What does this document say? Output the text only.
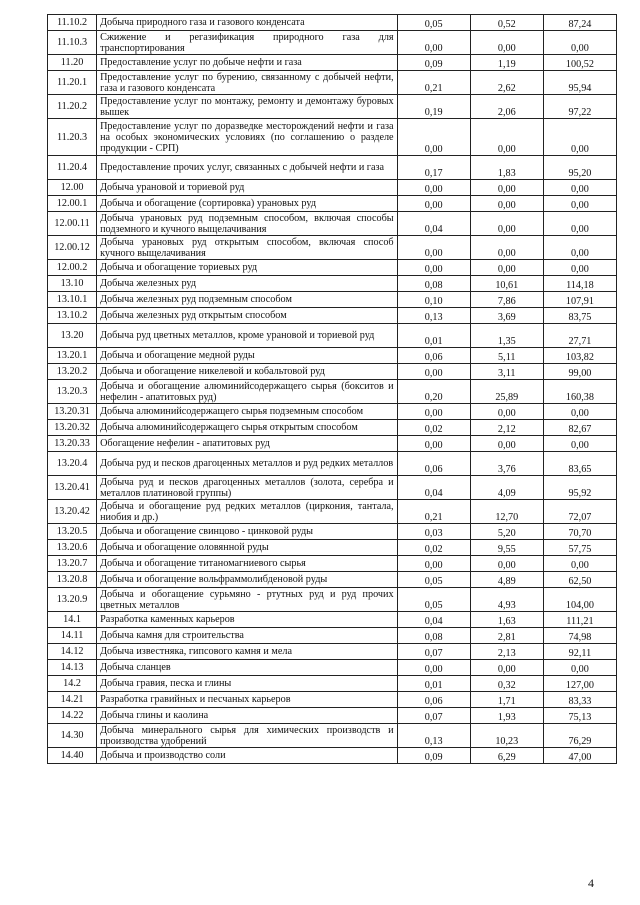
11.10.2	Добыча природного газа и газового конденсата	0,05	0,52	87,24
11.10.3	Сжижение и регазификация природного газа для транспортирования	0,00	0,00	0,00
11.20	Предоставление услуг по добыче нефти и газа	0,09	1,19	100,52
11.20.1	Предоставление услуг по бурению, связанному с добычей нефти, газа и газового конденсата	0,21	2,62	95,94
11.20.2	Предоставление услуг по монтажу, ремонту и демонтажу буровых вышек	0,19	2,06	97,22
11.20.3	Предоставление услуг по доразведке месторождений нефти и газа на особых экономических условиях (по соглашению о разделе продукции - СРП)	0,00	0,00	0,00
11.20.4	Предоставление прочих услуг, связанных с добычей нефти и газа	0,17	1,83	95,20
12.00	Добыча урановой и ториевой руд	0,00	0,00	0,00
12.00.1	Добыча и обогащение (сортировка) урановых руд	0,00	0,00	0,00
12.00.11	Добыча урановых руд подземным способом, включая способы подземного и кучного выщелачивания	0,04	0,00	0,00
12.00.12	Добыча урановых руд открытым способом, включая способ кучного выщелачивания	0,00	0,00	0,00
12.00.2	Добыча и обогащение ториевых руд	0,00	0,00	0,00
13.10	Добыча железных руд	0,08	10,61	114,18
13.10.1	Добыча железных руд подземным способом	0,10	7,86	107,91
13.10.2	Добыча железных руд открытым способом	0,13	3,69	83,75
13.20	Добыча руд цветных металлов, кроме урановой и ториевой руд	0,01	1,35	27,71
13.20.1	Добыча и обогащение медной руды	0,06	5,11	103,82
13.20.2	Добыча и обогащение никелевой и кобальтовой руд	0,00	3,11	99,00
13.20.3	Добыча и обогащение алюминийсодержащего сырья (бокситов и нефелин - апатитовых руд)	0,20	25,89	160,38
13.20.31	Добыча алюминийсодержащего сырья подземным способом	0,00	0,00	0,00
13.20.32	Добыча алюминийсодержащего сырья открытым способом	0,02	2,12	82,67
13.20.33	Обогащение нефелин - апатитовых руд	0,00	0,00	0,00
13.20.4	Добыча руд и песков драгоценных металлов и руд редких металлов	0,06	3,76	83,65
13.20.41	Добыча руд и песков драгоценных металлов (золота, серебра и металлов платиновой группы)	0,04	4,09	95,92
13.20.42	Добыча и обогащение руд редких металлов (циркония, тантала, ниобия и др.)	0,21	12,70	72,07
13.20.5	Добыча и обогащение свинцово - цинковой руды	0,03	5,20	70,70
13.20.6	Добыча и обогащение оловянной руды	0,02	9,55	57,75
13.20.7	Добыча и обогащение титаномагниевого сырья	0,00	0,00	0,00
13.20.8	Добыча и обогащение вольфраммолибденовой руды	0,05	4,89	62,50
13.20.9	Добыча и обогащение сурьмяно - ртутных руд и руд прочих цветных металлов	0,05	4,93	104,00
14.1	Разработка каменных карьеров	0,04	1,63	111,21
14.11	Добыча камня для строительства	0,08	2,81	74,98
14.12	Добыча известняка, гипсового камня и мела	0,07	2,13	92,11
14.13	Добыча сланцев	0,00	0,00	0,00
14.2	Добыча гравия, песка и глины	0,01	0,32	127,00
14.21	Разработка гравийных и песчаных карьеров	0,06	1,71	83,33
14.22	Добыча глины и каолина	0,07	1,93	75,13
14.30	Добыча минерального сырья для химических производств и производства удобрений	0,13	10,23	76,29
14.40	Добыча и производство соли	0,09	6,29	47,00
4
